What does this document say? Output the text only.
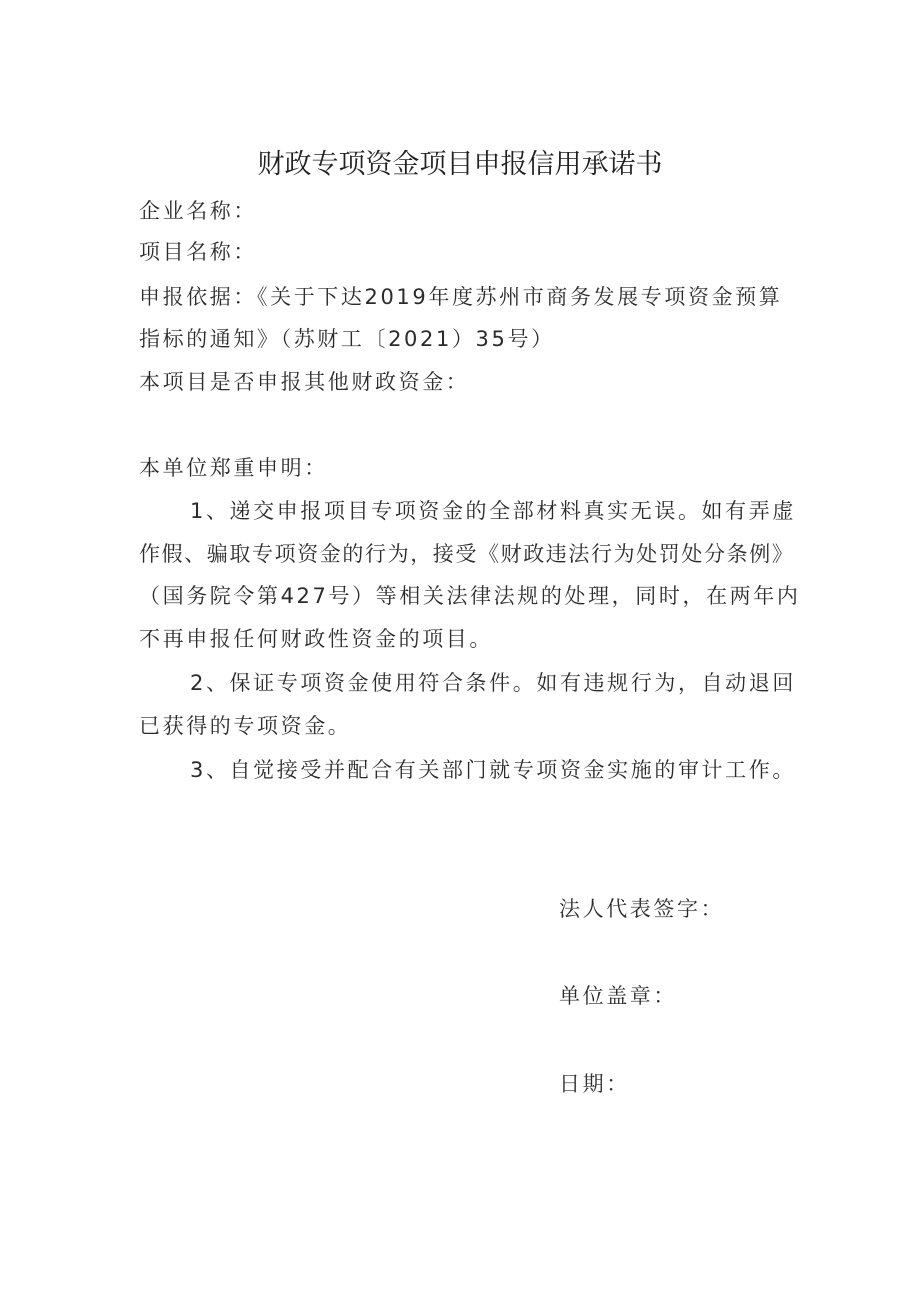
财政专项资金项目申报信用承诺书
企业名称：
项目名称：
申报依据：《关于下达2019年度苏州市商务发展专项资金预算
指标的通知》（苏财工〔2021）35号）
本项目是否申报其他财政资金：
本单位郑重申明：
1、递交申报项目专项资金的全部材料真实无误。如有弄虚
作假、骗取专项资金的行为，接受《财政违法行为处罚处分条例》
（国务院令第427号）等相关法律法规的处理，同时，在两年内
不再申报任何财政性资金的项目。
2、保证专项资金使用符合条件。如有违规行为，自动退回
已获得的专项资金。
3、自觉接受并配合有关部门就专项资金实施的审计工作。
法人代表签字：
单位盖章：
日期：
